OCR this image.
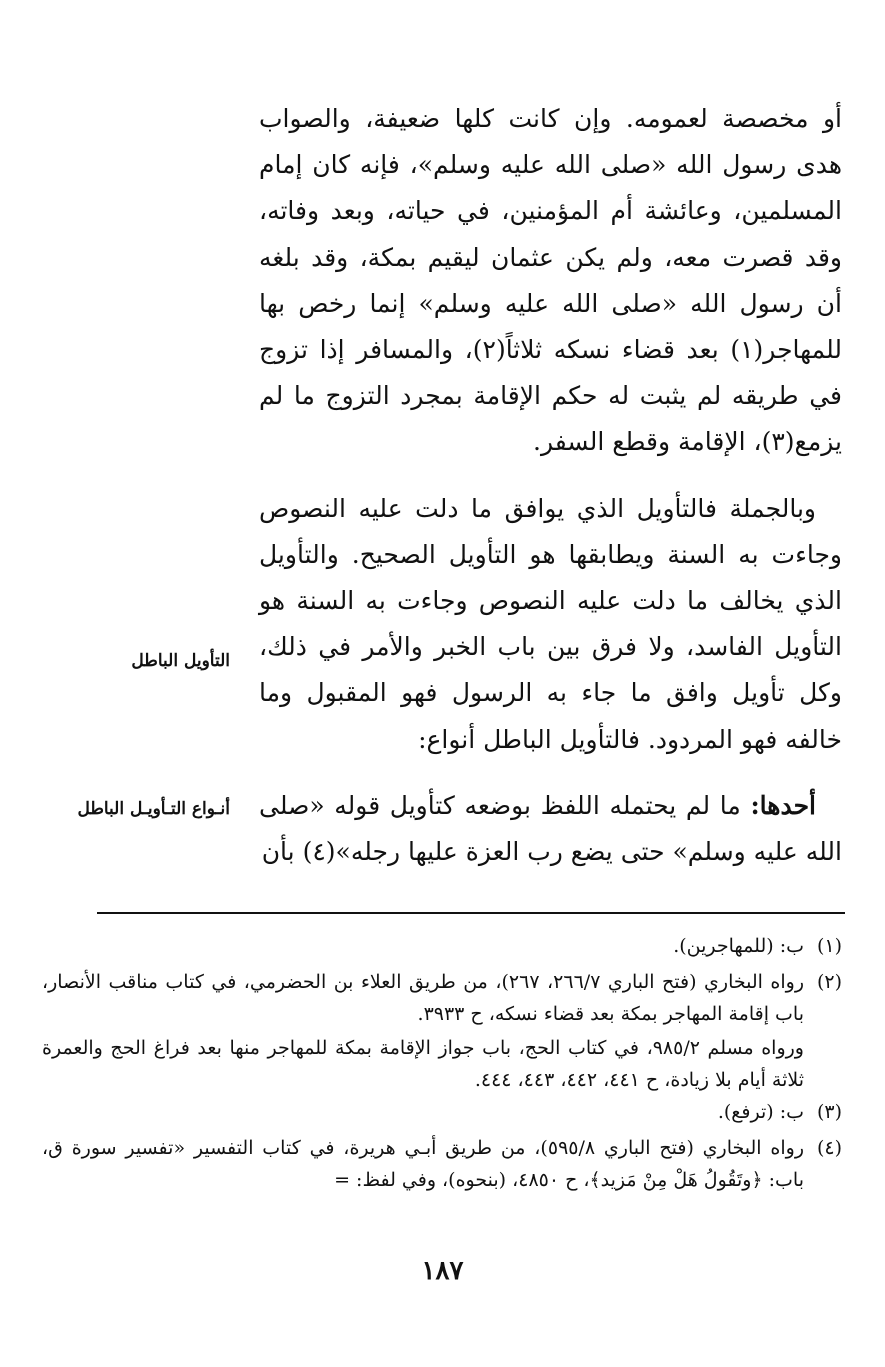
أو مخصصة لعمومه. وإن كانت كلها ضعيفة، والصواب هدى رسول الله «صلى الله عليه وسلم»، فإنه كان إمام المسلمين، وعائشة أم المؤمنين، في حياته، وبعد وفاته، وقد قصرت معه، ولم يكن عثمان ليقيم بمكة، وقد بلغه أن رسول الله «صلى الله عليه وسلم» إنما رخص بها للمهاجر(١) بعد قضاء نسكه ثلاثاً(٢)، والمسافر إذا تزوج في طريقه لم يثبت له حكم الإقامة بمجرد التزوج ما لم يزمع(٣)، الإقامة وقطع السفر.

وبالجملة فالتأويل الذي يوافق ما دلت عليه النصوص وجاءت به السنة ويطابقها هو التأويل الصحيح. والتأويل الذي يخالف ما دلت عليه النصوص وجاءت به السنة هو التأويل الفاسد، ولا فرق بين باب الخبر والأمر في ذلك، وكل تأويل وافق ما جاء به الرسول فهو المقبول وما خالفه فهو المردود. فالتأويل الباطل أنواع:

أحدها: ما لم يحتمله اللفظ بوضعه كتأويل قوله «صلى الله عليه وسلم» حتى يضع رب العزة عليها رجله»(٤) بأن

التأويل الباطل
أنـواع التـأويـل الباطل
(١)
ب: (للمهاجرين).
(٢)
رواه البخاري (فتح الباري ٢٦٦/٧، ٢٦٧)، من طريق العلاء بن الحضرمي، في كتاب مناقب الأنصار، باب إقامة المهاجر بمكة بعد قضاء نسكه، ح ٣٩٣٣.

ورواه مسلم ٩٨٥/٢، في كتاب الحج، باب جواز الإقامة بمكة للمهاجر منها بعد فراغ الحج والعمرة ثلاثة أيام بلا زيادة، ح ٤٤١، ٤٤٢، ٤٤٣، ٤٤٤.

(٣)
ب: (ترفع).
(٤)
رواه البخاري (فتح الباري ٥٩٥/٨)، من طريق أبـي هريرة، في كتاب التفسير «تفسير سورة ق، باب: ﴿وتَقُولُ هَلْ مِنْ مَزيد﴾، ح ٤٨٥٠، (بنحوه)، وفي لفظ: =
١٨٧
